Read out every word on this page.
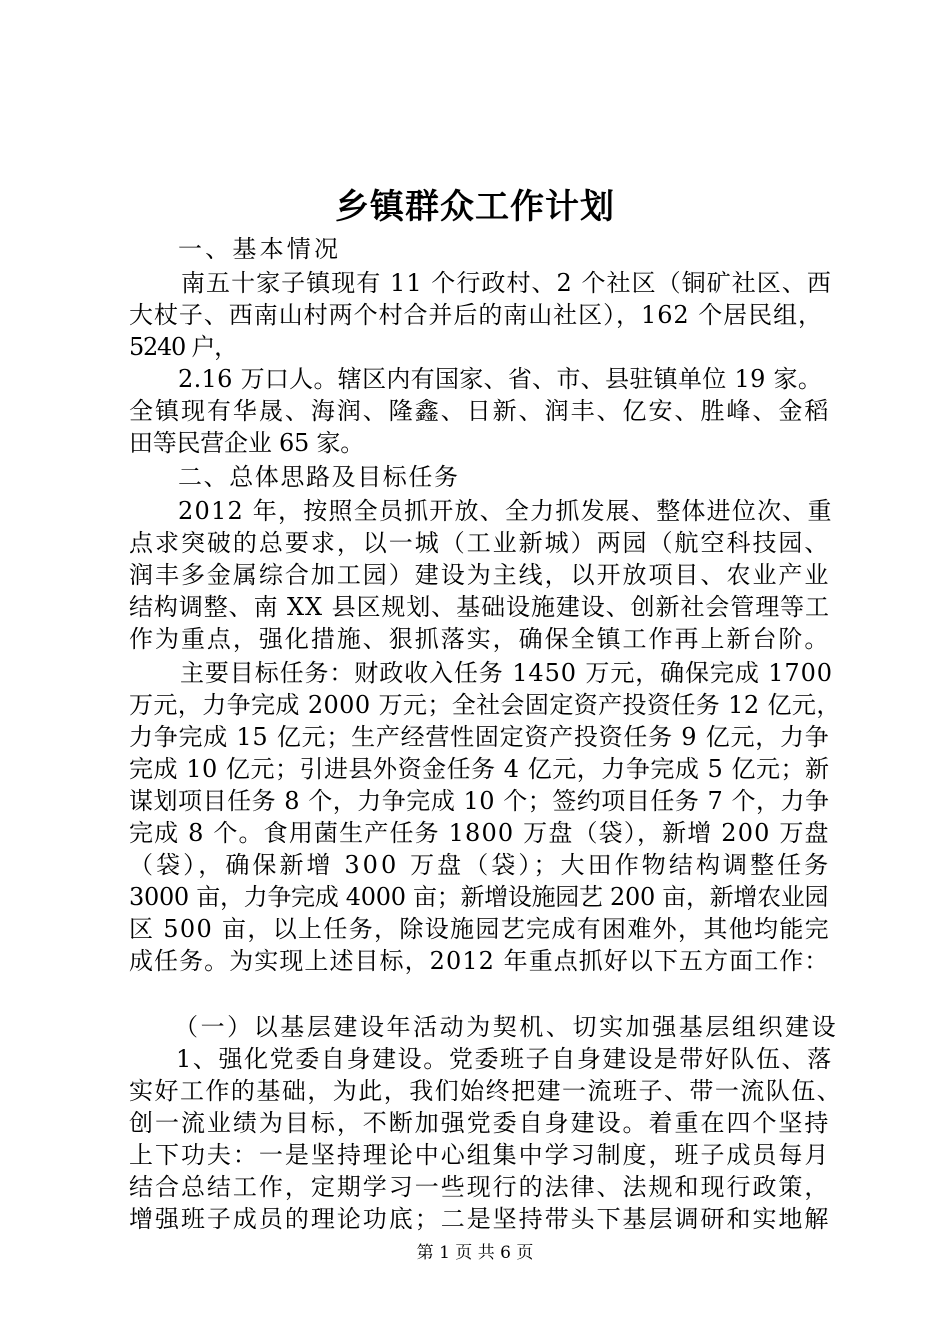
乡镇群众工作计划
一、基本情况
南五十家子镇现有 11 个行政村、2 个社区（铜矿社区、西
大杖子、西南山村两个村合并后的南山社区），162 个居民组，
5240 户，
2.16 万口人。辖区内有国家、省、市、县驻镇单位 19 家。
全镇现有华晟、海润、隆鑫、日新、润丰、亿安、胜峰、金稻
田等民营企业 65 家。
二、总体思路及目标任务
2012 年，按照全员抓开放、全力抓发展、整体进位次、重
点求突破的总要求，以一城（工业新城）两园（航空科技园、
润丰多金属综合加工园）建设为主线，以开放项目、农业产业
结构调整、南 XX 县区规划、基础设施建设、创新社会管理等工
作为重点，强化措施、狠抓落实，确保全镇工作再上新台阶。
主要目标任务：财政收入任务 1450 万元，确保完成 1700
万元，力争完成 2000 万元；全社会固定资产投资任务 12 亿元，
力争完成 15 亿元；生产经营性固定资产投资任务 9 亿元，力争
完成 10 亿元；引进县外资金任务 4 亿元，力争完成 5 亿元；新
谋划项目任务 8 个，力争完成 10 个；签约项目任务 7 个，力争
完成 8 个。食用菌生产任务 1800 万盘（袋），新增 200 万盘
（袋），确保新增 300 万盘（袋）；大田作物结构调整任务
3000 亩，力争完成 4000 亩；新增设施园艺 200 亩，新增农业园
区 500 亩，以上任务，除设施园艺完成有困难外，其他均能完
成任务。为实现上述目标，2012 年重点抓好以下五方面工作：
（一）以基层建设年活动为契机、切实加强基层组织建设
1、强化党委自身建设。党委班子自身建设是带好队伍、落
实好工作的基础，为此，我们始终把建一流班子、带一流队伍、
创一流业绩为目标，不断加强党委自身建设。着重在四个坚持
上下功夫：一是坚持理论中心组集中学习制度，班子成员每月
结合总结工作，定期学习一些现行的法律、法规和现行政策，
增强班子成员的理论功底；二是坚持带头下基层调研和实地解
第 1 页 共 6 页
